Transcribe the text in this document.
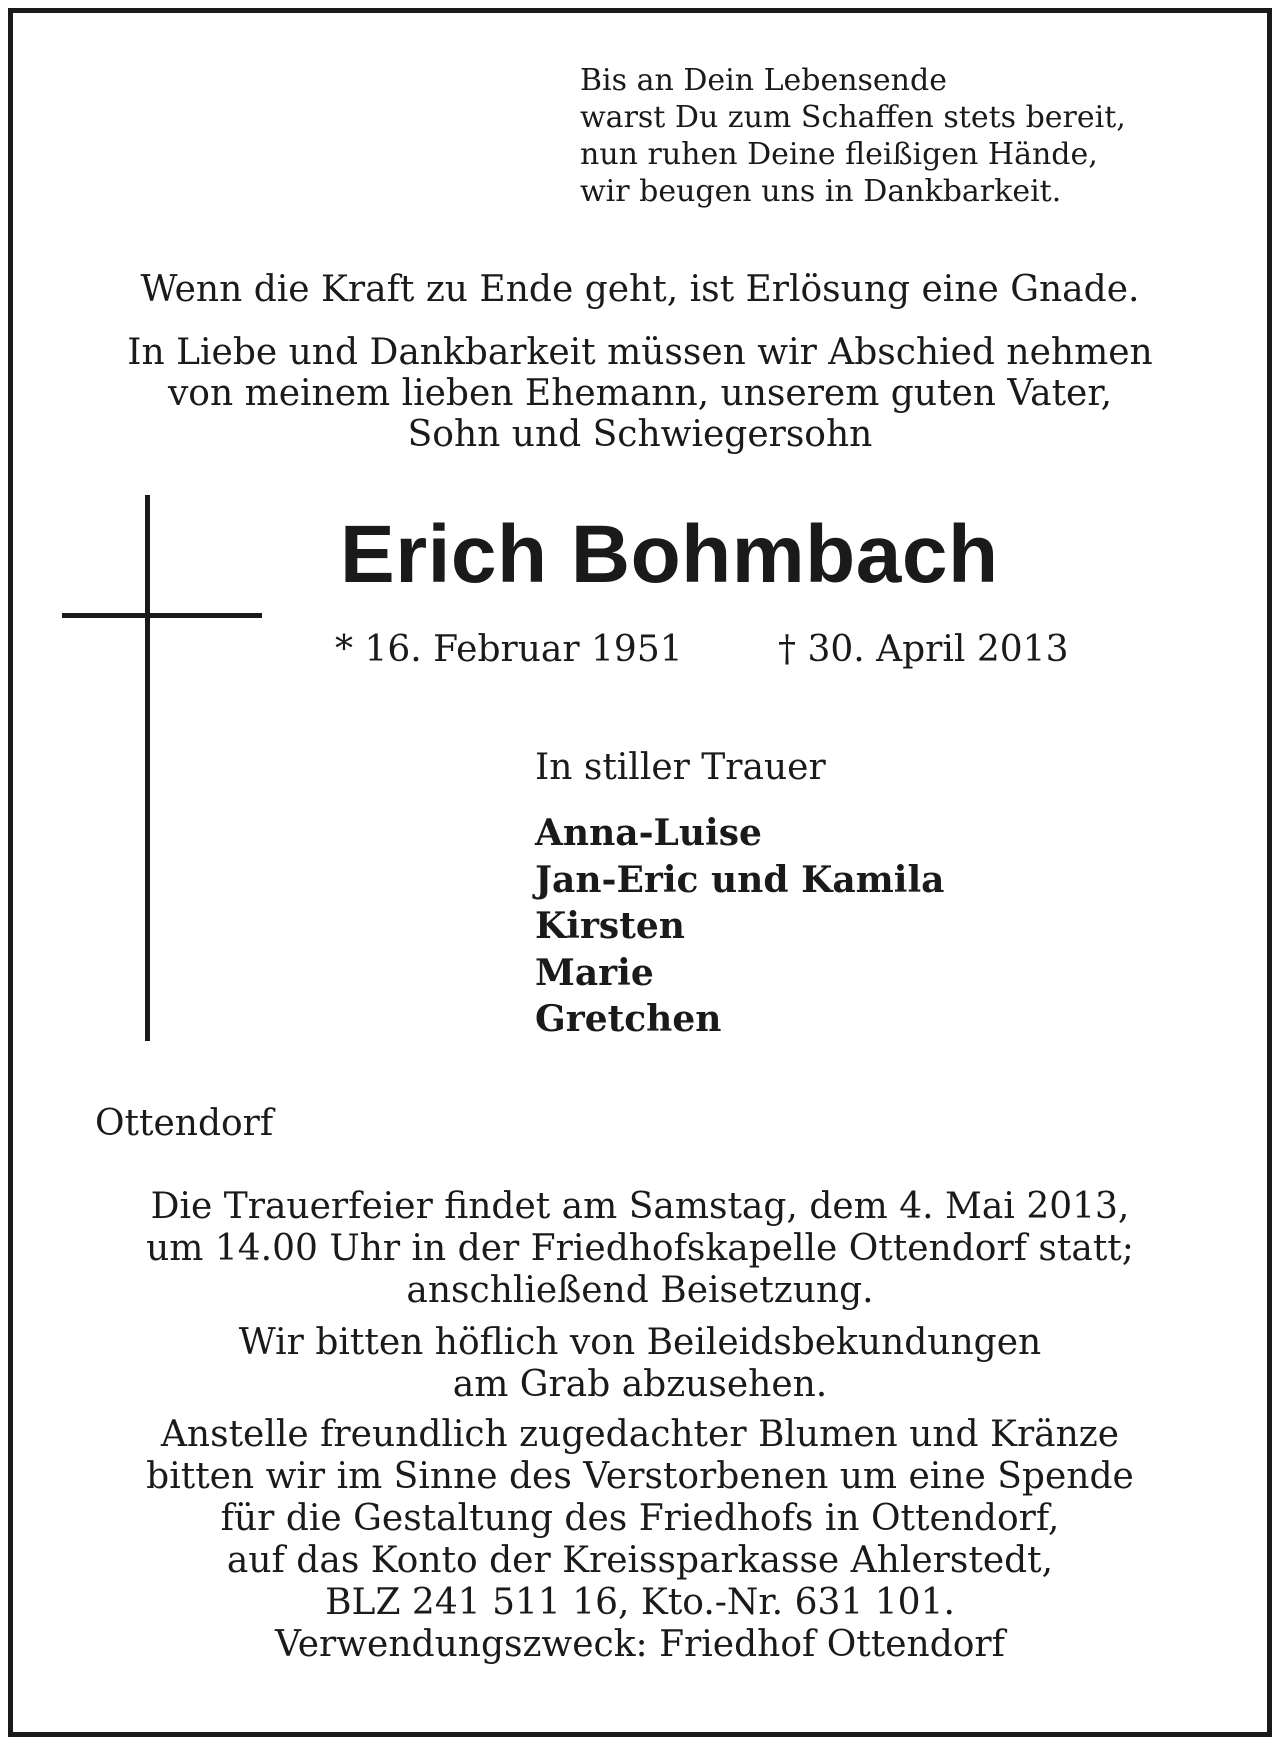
Bis an Dein Lebensende
warst Du zum Schaffen stets bereit,
nun ruhen Deine fleißigen Hände,
wir beugen uns in Dankbarkeit.
Wenn die Kraft zu Ende geht, ist Erlösung eine Gnade.
In Liebe und Dankbarkeit müssen wir Abschied nehmen
von meinem lieben Ehemann, unserem guten Vater,
Sohn und Schwiegersohn
Erich Bohmbach
* 16. Februar 1951	† 30. April 2013
In stiller Trauer
Anna-Luise
Jan-Eric und Kamila
Kirsten
Marie
Gretchen
Ottendorf
Die Trauerfeier findet am Samstag, dem 4. Mai 2013,
um 14.00 Uhr in der Friedhofskapelle Ottendorf statt;
anschließend Beisetzung.
Wir bitten höflich von Beileidsbekundungen
am Grab abzusehen.
Anstelle freundlich zugedachter Blumen und Kränze
bitten wir im Sinne des Verstorbenen um eine Spende
für die Gestaltung des Friedhofs in Ottendorf,
auf das Konto der Kreissparkasse Ahlerstedt,
BLZ 241 511 16, Kto.-Nr. 631 101.
Verwendungszweck: Friedhof Ottendorf
